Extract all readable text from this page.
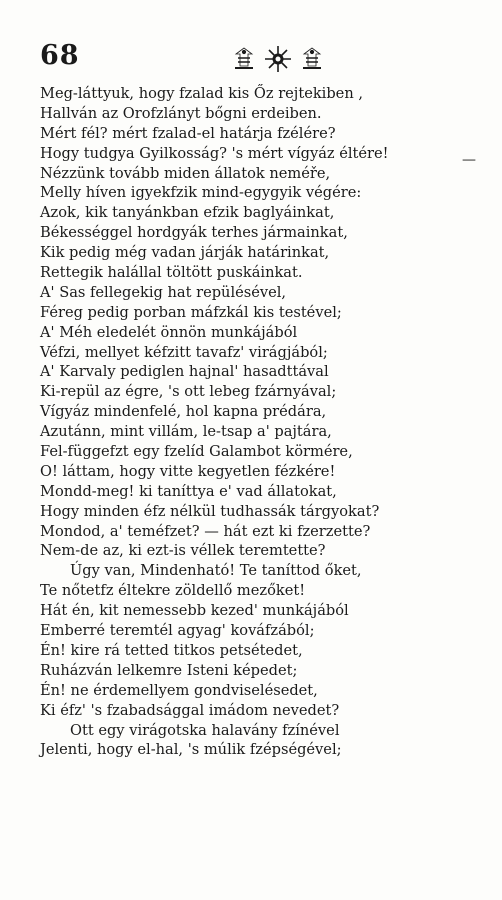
68
Meg-láttyuk, hogy fzalad kis Őz rejtekiben ,
Hallván az Orofzlányt bőgni erdeiben.
Mért fél? mért fzalad-el határja fzélére?
Hogy tudgya Gyilkosság? 's mért vígyáz éltére!
Nézzünk tovább miden állatok neméře,
Melly híven igyekfzik mind-egygyik végére:
Azok, kik tanyánkban efzik baglyáinkat,
Békességgel hordgyák terhes jármainkat,
Kik pedig még vadan járják határinkat,
Rettegik halállal töltött puskáinkat.
A' Sas fellegekig hat repülésével,
Féreg pedig porban máfzkál kis testével;
A' Méh eledelét önnön munkájából
Véfzi, mellyet kéfzitt tavafz' virágjából;
A' Karvaly pediglen hajnal' hasadttával
Ki-repül az égre, 's ott lebeg fzárnyával;
Vígyáz mindenfelé, hol kapna prédára,
Azutánn, mint villám, le-tsap a' pajtára,
Fel-függefzt egy fzelíd Galambot körmére,
O! láttam, hogy vitte kegyetlen fézkére!
Mondd-meg! ki taníttya e' vad állatokat,
Hogy minden éfz nélkül tudhassák tárgyokat?
Mondod, a' teméfzet? — hát ezt ki fzerzette?
Nem-de az, ki ezt-is véllek teremtette?
Úgy van, Mindenható! Te taníttod őket,
Te nőtetfz éltekre zöldellő mezőket!
Hát én, kit nemessebb kezed' munkájából
Emberré teremtél agyag' kováfzából;
Én! kire rá tetted titkos petsétedet,
Ruházván lelkemre Isteni képedet;
Én! ne érdemellyem gondviselésedet,
Ki éfz' 's fzabadsággal imádom nevedet?
Ott egy virágotska halavány fzínével
Jelenti, hogy el-hal, 's múlik fzépségével;
—
